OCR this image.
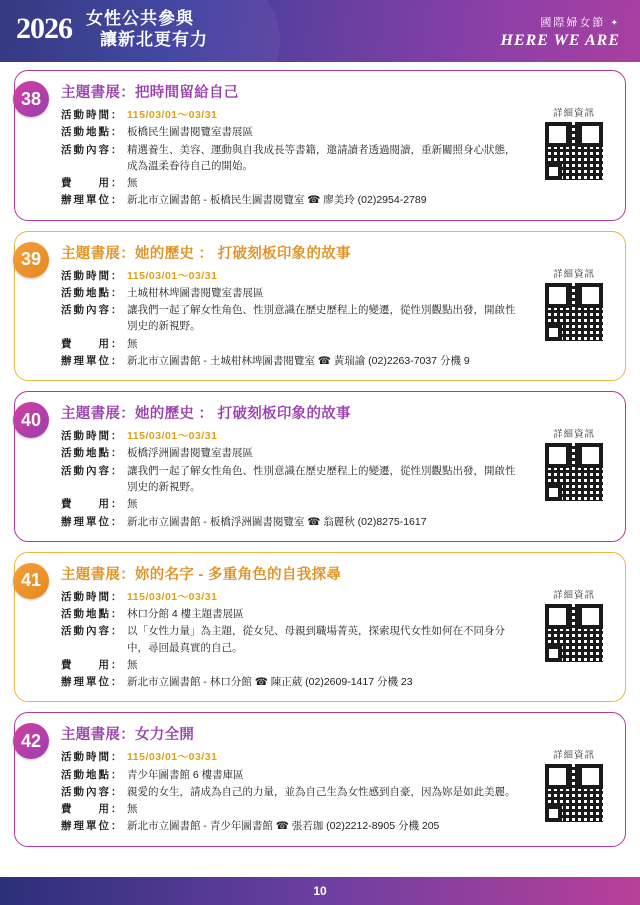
2026 女性公共參與
讓新北更有力
國際婦女節 ✦
HERE WE ARE
38	主題書展：把時間留給自己
活動時間： 115/03/01～03/31
活動地點： 板橋民生圖書閱覽室書展區
活動內容： 精選養生、美容、運動與自我成長等書籍，邀請讀者透過閱讀，重新關照身心狀態，成為溫柔眷待自己的開始。
費　　用： 無
辦理單位： 新北市立圖書館 - 板橋民生圖書閱覽室 ☎ 廖美玲 (02)2954-2789
詳細資訊
39	主題書展：她的歷史 ： 打破刻板印象的故事
活動時間： 115/03/01～03/31
活動地點： 土城柑林埤圖書閱覽室書展區
活動內容： 讓我們一起了解女性角色、性別意識在歷史歷程上的變遷，從性別觀點出發，開啟性別史的新視野。
費　　用： 無
辦理單位： 新北市立圖書館 - 土城柑林埤圖書閱覽室 ☎ 黃瑞諭 (02)2263-7037 分機 9
詳細資訊
40	主題書展：她的歷史 ： 打破刻板印象的故事
活動時間： 115/03/01～03/31
活動地點： 板橋浮洲圖書閱覽室書展區
活動內容： 讓我們一起了解女性角色、性別意識在歷史歷程上的變遷，從性別觀點出發，開啟性別史的新視野。
費　　用： 無
辦理單位： 新北市立圖書館 - 板橋浮洲圖書閱覽室 ☎ 翁麗秋 (02)8275-1617
詳細資訊
41	主題書展：妳的名字 - 多重角色的自我探尋
活動時間： 115/03/01～03/31
活動地點： 林口分館 4 樓主題書展區
活動內容： 以「女性力量」為主題，從女兒、母親到職場菁英，探索現代女性如何在不同身分中，尋回最真實的自己。
費　　用： 無
辦理單位： 新北市立圖書館 - 林口分館 ☎ 陳正葳 (02)2609-1417 分機 23
詳細資訊
42	主題書展：女力全開
活動時間： 115/03/01～03/31
活動地點： 青少年圖書館 6 樓書庫區
活動內容： 親愛的女生，請成為自己的力量，並為自己生為女性感到自豪，因為妳是如此美麗。
費　　用： 無
辦理單位： 新北市立圖書館 - 青少年圖書館 ☎ 張若珈 (02)2212-8905 分機 205
詳細資訊
10
